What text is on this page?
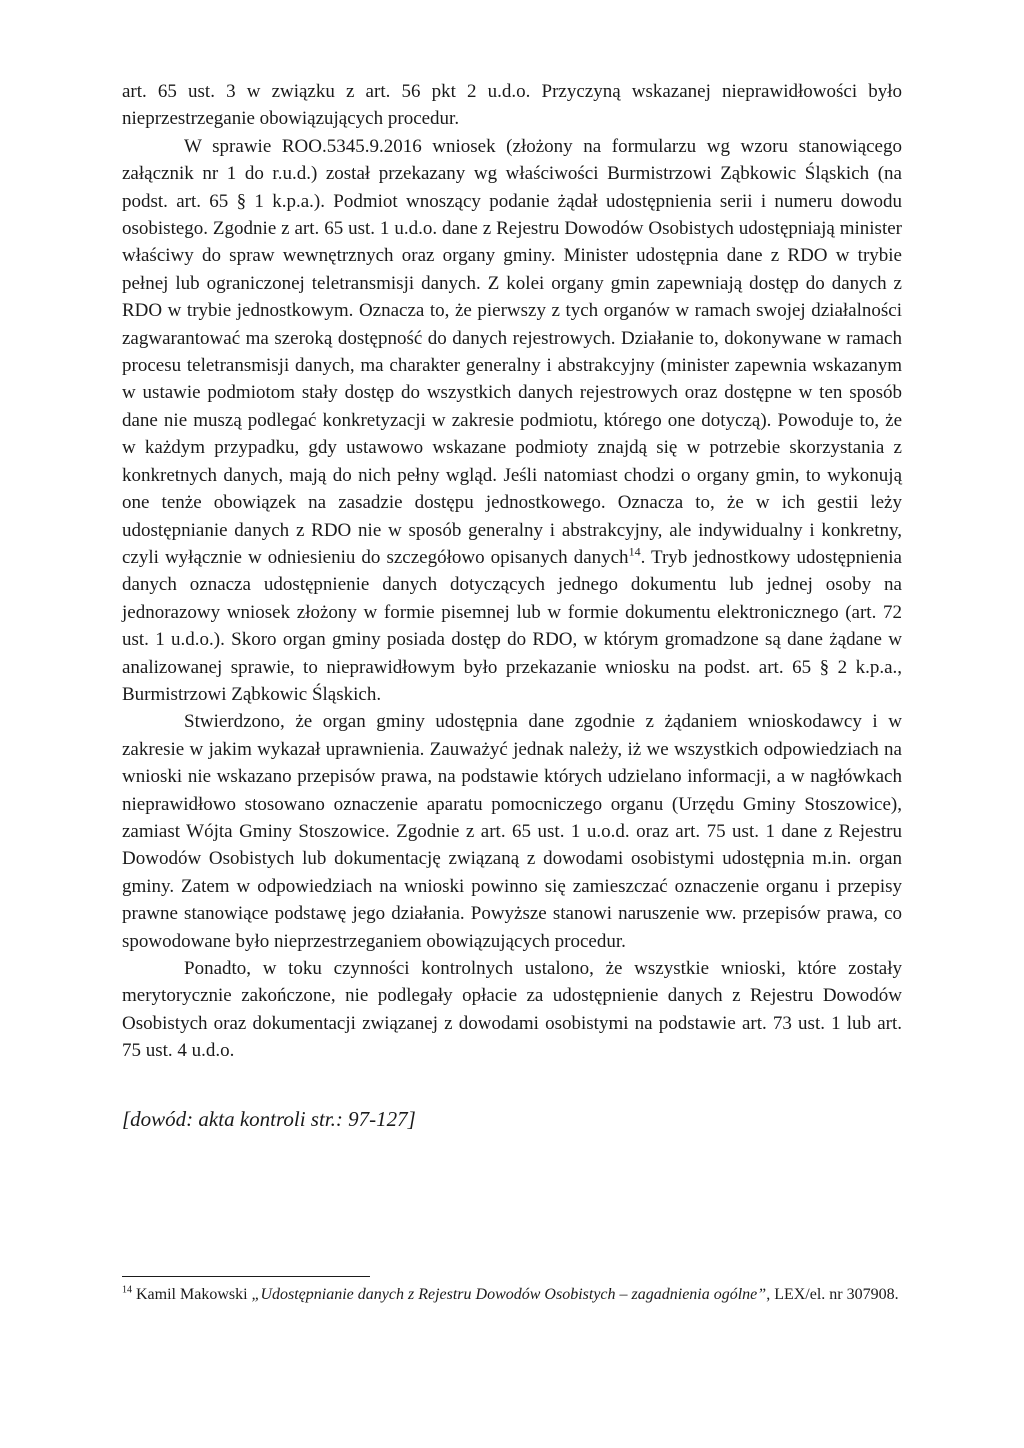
art. 65 ust. 3 w związku z art. 56 pkt 2 u.d.o. Przyczyną wskazanej nieprawidłowości było nieprzestrzeganie obowiązujących procedur.

W sprawie ROO.5345.9.2016 wniosek (złożony na formularzu wg wzoru stanowiącego załącznik nr 1 do r.u.d.) został przekazany wg właściwości Burmistrzowi Ząbkowic Śląskich (na podst. art. 65 § 1 k.p.a.). Podmiot wnoszący podanie żądał udostępnienia serii i numeru dowodu osobistego. Zgodnie z art. 65 ust. 1 u.d.o. dane z Rejestru Dowodów Osobistych udostępniają minister właściwy do spraw wewnętrznych oraz organy gminy. Minister udostępnia dane z RDO w trybie pełnej lub ograniczonej teletransmisji danych. Z kolei organy gmin zapewniają dostęp do danych z RDO w trybie jednostkowym. Oznacza to, że pierwszy z tych organów w ramach swojej działalności zagwarantować ma szeroką dostępność do danych rejestrowych. Działanie to, dokonywane w ramach procesu teletransmisji danych, ma charakter generalny i abstrakcyjny (minister zapewnia wskazanym w ustawie podmiotom stały dostęp do wszystkich danych rejestrowych oraz dostępne w ten sposób dane nie muszą podlegać konkretyzacji w zakresie podmiotu, którego one dotyczą). Powoduje to, że w każdym przypadku, gdy ustawowo wskazane podmioty znajdą się w potrzebie skorzystania z konkretnych danych, mają do nich pełny wgląd. Jeśli natomiast chodzi o organy gmin, to wykonują one tenże obowiązek na zasadzie dostępu jednostkowego. Oznacza to, że w ich gestii leży udostępnianie danych z RDO nie w sposób generalny i abstrakcyjny, ale indywidualny i konkretny, czyli wyłącznie w odniesieniu do szczegółowo opisanych danych$^{14}$. Tryb jednostkowy udostępnienia danych oznacza udostępnienie danych dotyczących jednego dokumentu lub jednej osoby na jednorazowy wniosek złożony w formie pisemnej lub w formie dokumentu elektronicznego (art. 72 ust. 1 u.d.o.). Skoro organ gminy posiada dostęp do RDO, w którym gromadzone są dane żądane w analizowanej sprawie, to nieprawidłowym było przekazanie wniosku na podst. art. 65 § 2 k.p.a., Burmistrzowi Ząbkowic Śląskich.

Stwierdzono, że organ gminy udostępnia dane zgodnie z żądaniem wnioskodawcy i w zakresie w jakim wykazał uprawnienia. Zauważyć jednak należy, iż we wszystkich odpowiedziach na wnioski nie wskazano przepisów prawa, na podstawie których udzielano informacji, a w nagłówkach nieprawidłowo stosowano oznaczenie aparatu pomocniczego organu (Urzędu Gminy Stoszowice), zamiast Wójta Gminy Stoszowice. Zgodnie z art. 65 ust. 1 u.o.d. oraz art. 75 ust. 1 dane z Rejestru Dowodów Osobistych lub dokumentację związaną z dowodami osobistymi udostępnia m.in. organ gminy. Zatem w odpowiedziach na wnioski powinno się zamieszczać oznaczenie organu i przepisy prawne stanowiące podstawę jego działania. Powyższe stanowi naruszenie ww. przepisów prawa, co spowodowane było nieprzestrzeganiem obowiązujących procedur.

Ponadto, w toku czynności kontrolnych ustalono, że wszystkie wnioski, które zostały merytorycznie zakończone, nie podlegały opłacie za udostępnienie danych z Rejestru Dowodów Osobistych oraz dokumentacji związanej z dowodami osobistymi na podstawie art. 73 ust. 1 lub art. 75 ust. 4 u.d.o.

[dowód: akta kontroli str.: 97-127]
$^{14}$ Kamil Makowski „Udostępnianie danych z Rejestru Dowodów Osobistych – zagadnienia ogólne”, LEX/el. nr 307908.
